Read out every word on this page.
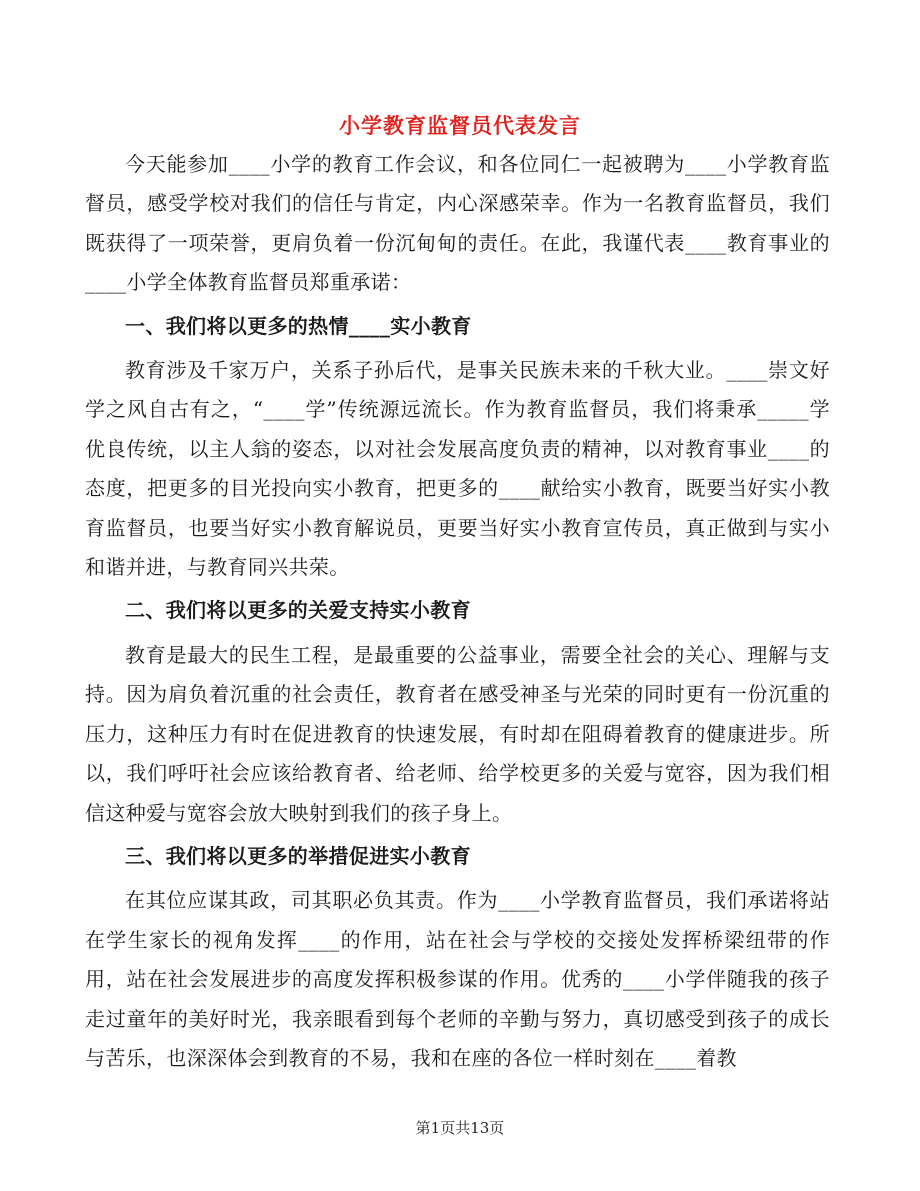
小学教育监督员代表发言

今天能参加____小学的教育工作会议，和各位同仁一起被聘为____小学教育监督员，感受学校对我们的信任与肯定，内心深感荣幸。作为一名教育监督员，我们既获得了一项荣誉，更肩负着一份沉甸甸的责任。在此，我谨代表____教育事业的____小学全体教育监督员郑重承诺：

一、我们将以更多的热情____实小教育

教育涉及千家万户，关系子孙后代，是事关民族未来的千秋大业。____崇文好学之风自古有之，“____学”传统源远流长。作为教育监督员，我们将秉承_____学优良传统，以主人翁的姿态，以对社会发展高度负责的精神，以对教育事业____的态度，把更多的目光投向实小教育，把更多的____献给实小教育，既要当好实小教育监督员，也要当好实小教育解说员，更要当好实小教育宣传员，真正做到与实小和谐并进，与教育同兴共荣。

二、我们将以更多的关爱支持实小教育

教育是最大的民生工程，是最重要的公益事业，需要全社会的关心、理解与支持。因为肩负着沉重的社会责任，教育者在感受神圣与光荣的同时更有一份沉重的压力，这种压力有时在促进教育的快速发展，有时却在阻碍着教育的健康进步。所以，我们呼吁社会应该给教育者、给老师、给学校更多的关爱与宽容，因为我们相信这种爱与宽容会放大映射到我们的孩子身上。

三、我们将以更多的举措促进实小教育

在其位应谋其政，司其职必负其责。作为____小学教育监督员，我们承诺将站在学生家长的视角发挥____的作用，站在社会与学校的交接处发挥桥梁纽带的作用，站在社会发展进步的高度发挥积极参谋的作用。优秀的____小学伴随我的孩子走过童年的美好时光，我亲眼看到每个老师的辛勤与努力，真切感受到孩子的成长与苦乐，也深深体会到教育的不易，我和在座的各位一样时刻在____着教

第1页共13页
